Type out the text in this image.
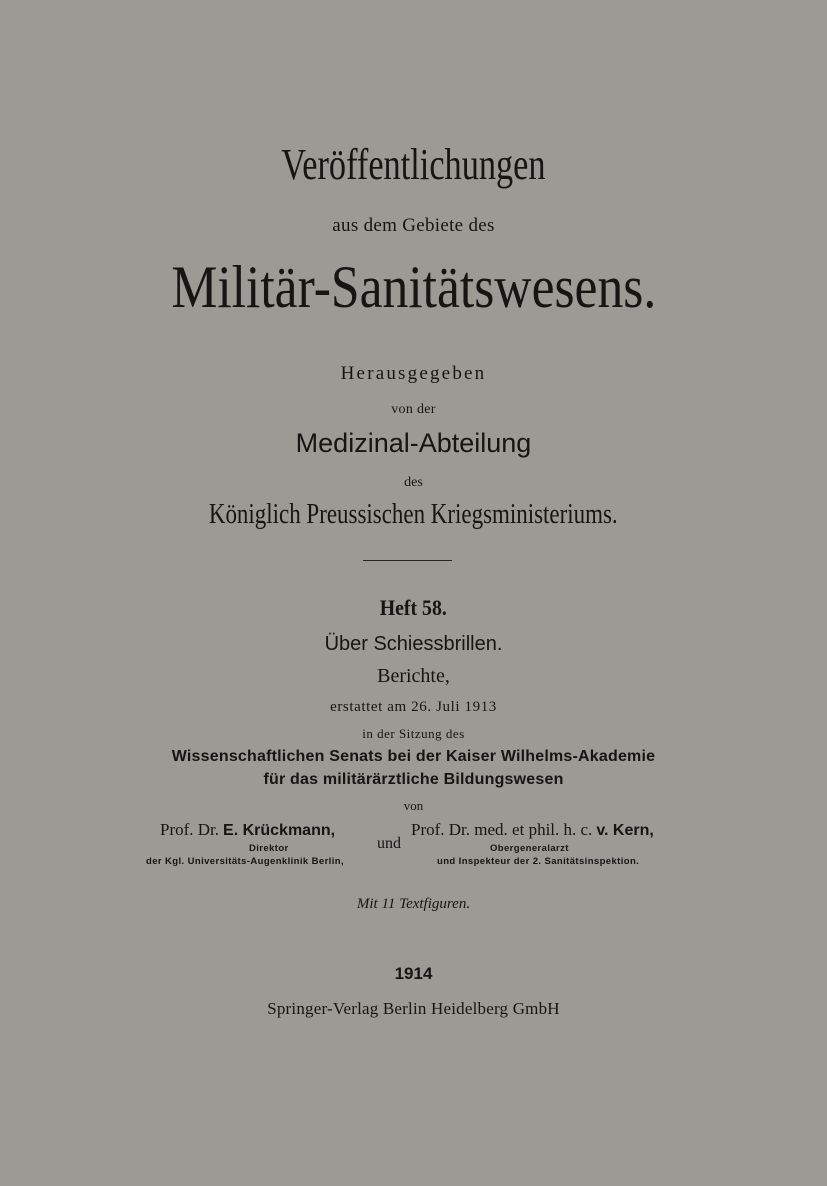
Veröffentlichungen
aus dem Gebiete des
Militär-Sanitätswesens.
Herausgegeben
von der
Medizinal-Abteilung
des
Königlich Preussischen Kriegsministeriums.
Heft 58.
Über Schiessbrillen.
Berichte,
erstattet am 26. Juli 1913
in der Sitzung des
Wissenschaftlichen Senats bei der Kaiser Wilhelms-Akademie
für das militärärztliche Bildungswesen
von
Prof. Dr. E. Krückmann,
Direktor
der Kgl. Universitäts-Augenklinik Berlin,
und
Prof. Dr. med. et phil. h. c. v. Kern,
Obergeneralarzt
und Inspekteur der 2. Sanitätsinspektion.
Mit 11 Textfiguren.
1914
Springer-Verlag Berlin Heidelberg GmbH
